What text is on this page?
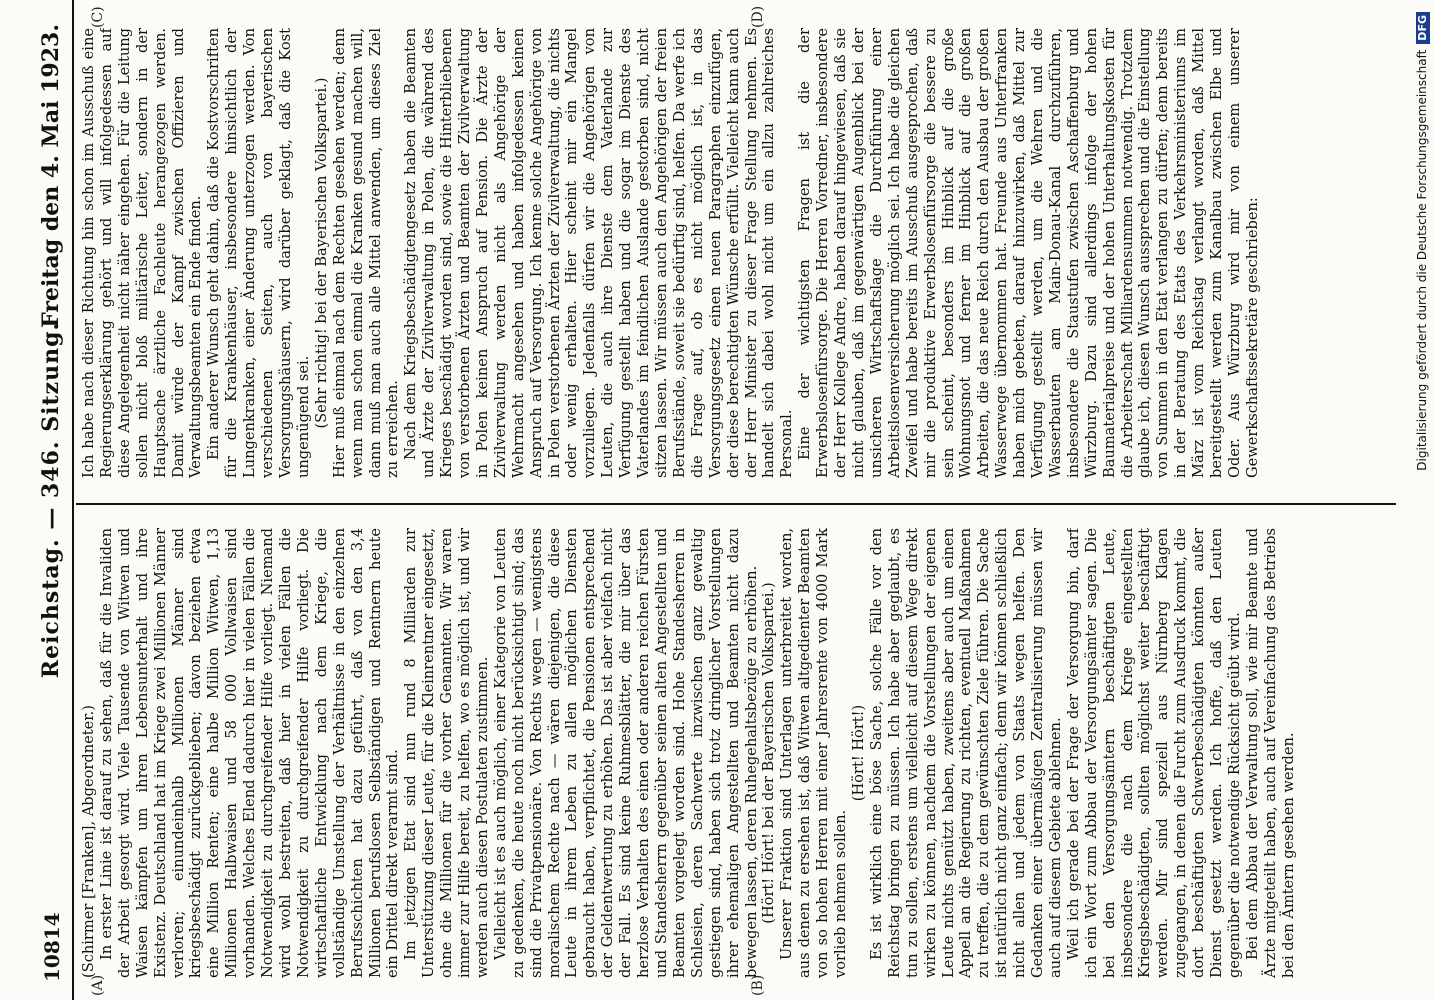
10814
Reichstag. — 346. Sitzung.
Freitag den 4. Mai 1923.
(A)	(B)
(C)	(D)

(Schirmer [Franken], Abgeordneter.) In erster Linie ist darauf zu sehen, daß für die Invaliden der Arbeit gesorgt wird. Viele Tausende von Witwen und Waisen kämpfen um ihren Lebensunterhalt und ihre Existenz. Deutschland hat im Kriege zwei Millionen Männer verloren; einundeinhalb Millionen Männer sind kriegsbeschädigt zurückgeblieben; davon beziehen etwa eine Million Renten; eine halbe Million Witwen, 1,13 Millionen Halbwaisen und 58 000 Vollwaisen sind vorhanden. Welches Elend dadurch hier in vielen Fällen die Notwendigkeit zu durchgreifender Hilfe vorliegt. Niemand wird wohl bestreiten, daß hier in vielen Fällen die Notwendigkeit zu durchgreifender Hilfe vorliegt. Die wirtschaftliche Entwicklung nach dem Kriege, die vollständige Umstellung der Verhältnisse in den einzelnen Berufsschichten hat dazu geführt, daß von den 3,4 Millionen berufslosen Selbständigen und Rentnern heute ein Drittel direkt verarmt sind. Im jetzigen Etat sind nun rund 8 Milliarden zur Unterstützung dieser Leute, für die Kleinrentner eingesetzt, ohne die Millionen für die vorher Genannten. Wir waren immer zur Hilfe bereit, zu helfen, wo es möglich ist, und wir werden auch diesen Postulaten zustimmen. Vielleicht ist es auch möglich, einer Kategorie von Leuten zu gedenken, die heute noch nicht berücksichtigt sind; das sind die Privatpensionäre. Von Rechts wegen — wenigstens moralischem Rechte nach — wären diejenigen, die diese Leute in ihrem Leben zu allen möglichen Diensten gebraucht haben, verpflichtet, die Pensionen entsprechend der Geldentwertung zu erhöhen. Das ist aber vielfach nicht der Fall. Es sind keine Ruhmesblätter, die mir über das herzlose Verhalten des einen oder anderen reichen Fürsten und Standesherrn gegenüber seinen alten Angestellten und Beamten vorgelegt worden sind. Hohe Standesherren in Schlesien, deren Sachwerte inzwischen ganz gewaltig gestiegen sind, haben sich trotz dringlicher Vorstellungen ihrer ehemaligen Angestellten und Beamten nicht dazu bewegen lassen, deren Ruhegehaltsbezüge zu erhöhen. (Hört! Hört! bei der Bayerischen Volkspartei.) Unserer Fraktion sind Unterlagen unterbreitet worden, aus denen zu ersehen ist, daß Witwen altgedienter Beamten von so hohen Herren mit einer Jahresrente von 4000 Mark vorlieb nehmen sollen.

(Hört! Hört!) Es ist wirklich eine böse Sache, solche Fälle vor den Reichstag bringen zu müssen. Ich habe aber geglaubt, es tun zu sollen, erstens um vielleicht auf diesem Wege direkt wirken zu können, nachdem die Vorstellungen der eigenen Leute nichts genützt haben, zweitens aber auch um einen Appell an die Regierung zu richten, eventuell Maßnahmen zu treffen, die zu dem gewünschten Ziele führen. Die Sache ist natürlich nicht ganz einfach; denn wir können schließlich nicht allen und jedem von Staats wegen helfen. Den Gedanken einer übermäßigen Zentralisierung müssen wir auch auf diesem Gebiete ablehnen. Weil ich gerade bei der Frage der Versorgung bin, darf ich ein Wort zum Abbau der Versorgungsämter sagen. Die bei den Versorgungsämtern beschäftigten Leute, insbesondere die nach dem Kriege eingestellten Kriegsbeschädigten, sollten möglichst weiter beschäftigt werden. Mir sind speziell aus Nürnberg Klagen zugegangen, in denen die Furcht zum Ausdruck kommt, die dort beschäftigten Schwerbeschädigten könnten außer Dienst gesetzt werden. Ich hoffe, daß den Leuten gegenüber die notwendige Rücksicht geübt wird. Bei dem Abbau der Verwaltung soll, wie mir Beamte und Ärzte mitgeteilt haben, auch auf Vereinfachung des Betriebs bei den Ämtern gesehen werden.

Ich habe nach dieser Richtung hin schon im Ausschuß eine Regierungserklärung gehört und will infolgedessen auf diese Angelegenheit nicht näher eingehen. Für die Leitung sollen nicht bloß militärische Leiter, sondern in der Hauptsache ärztliche Fachleute herangezogen werden. Damit würde der Kampf zwischen Offizieren und Verwaltungsbeamten ein Ende finden. Ein anderer Wunsch geht dahin, daß die Kostvorschriften für die Krankenhäuser, insbesondere hinsichtlich der Lungenkranken, einer Änderung unterzogen werden. Von verschiedenen Seiten, auch von bayerischen Versorgungshäusern, wird darüber geklagt, daß die Kost ungenügend sei. (Sehr richtig! bei der Bayerischen Volkspartei.) Hier muß einmal nach dem Rechten gesehen werden; denn wenn man schon einmal die Kranken gesund machen will, dann muß man auch alle Mittel anwenden, um dieses Ziel zu erreichen. Nach dem Kriegsbeschädigtengesetz haben die Beamten und Ärzte der Zivilverwaltung in Polen, die während des Krieges beschädigt worden sind, sowie die Hinterbliebenen von verstorbenen Ärzten und Beamten der Zivilverwaltung in Polen keinen Anspruch auf Pension. Die Ärzte der Zivilverwaltung werden nicht als Angehörige der Wehrmacht angesehen und haben infolgedessen keinen Anspruch auf Versorgung. Ich kenne solche Angehörige von in Polen verstorbenen Ärzten der Zivilverwaltung, die nichts oder wenig erhalten. Hier scheint mir ein Mangel vorzuliegen. Jedenfalls dürfen wir die Angehörigen von Leuten, die auch ihre Dienste dem Vaterlande zur Verfügung gestellt haben und die sogar im Dienste des Vaterlandes im feindlichen Auslande gestorben sind, nicht sitzen lassen. Wir müssen auch den Angehörigen der freien Berufsstände, soweit sie bedürftig sind, helfen. Da werfe ich die Frage auf, ob es nicht möglich ist, in das Versorgungsgesetz einen neuen Paragraphen einzufügen, der diese berechtigten Wünsche erfüllt. Vielleicht kann auch der Herr Minister zu dieser Frage Stellung nehmen. Es handelt sich dabei wohl nicht um ein allzu zahlreiches Personal. Eine der wichtigsten Fragen ist die der Erwerbslosenfürsorge. Die Herren Vorredner, insbesondere der Herr Kollege Andre, haben darauf hingewiesen, daß sie nicht glauben, daß im gegenwärtigen Augenblick bei der unsicheren Wirtschaftslage die Durchführung einer Arbeitslosenversicherung möglich sei. Ich habe die gleichen Zweifel und habe bereits im Ausschuß ausgesprochen, daß mir die produktive Erwerbslosenfürsorge die bessere zu sein scheint, besonders im Hinblick auf die große Wohnungsnot und ferner im Hinblick auf die großen Arbeiten, die das neue Reich durch den Ausbau der großen Wasserwege übernommen hat. Freunde aus Unterfranken haben mich gebeten, darauf hinzuwirken, daß Mittel zur Verfügung gestellt werden, um die Wehren und die Wasserbauten am Main-Donau-Kanal durchzuführen, insbesondere die Staustufen zwischen Aschaffenburg und Würzburg. Dazu sind allerdings infolge der hohen Baumaterialpreise und der hohen Unterhaltungskosten für die Arbeiterschaft Milliardensummen notwendig. Trotzdem glaube ich, diesen Wunsch aussprechen und die Einstellung von Summen in den Etat verlangen zu dürfen; denn bereits in der Beratung des Etats des Verkehrsministeriums im März ist vom Reichstag verlangt worden, daß Mittel bereitgestellt werden zum Kanalbau zwischen Elbe und Oder. Aus Würzburg wird mir von einem unserer Gewerkschaftssekretäre geschrieben:	Digitalisierung gefördert durch die Deutsche ForschungsgemeinschaftDFG
